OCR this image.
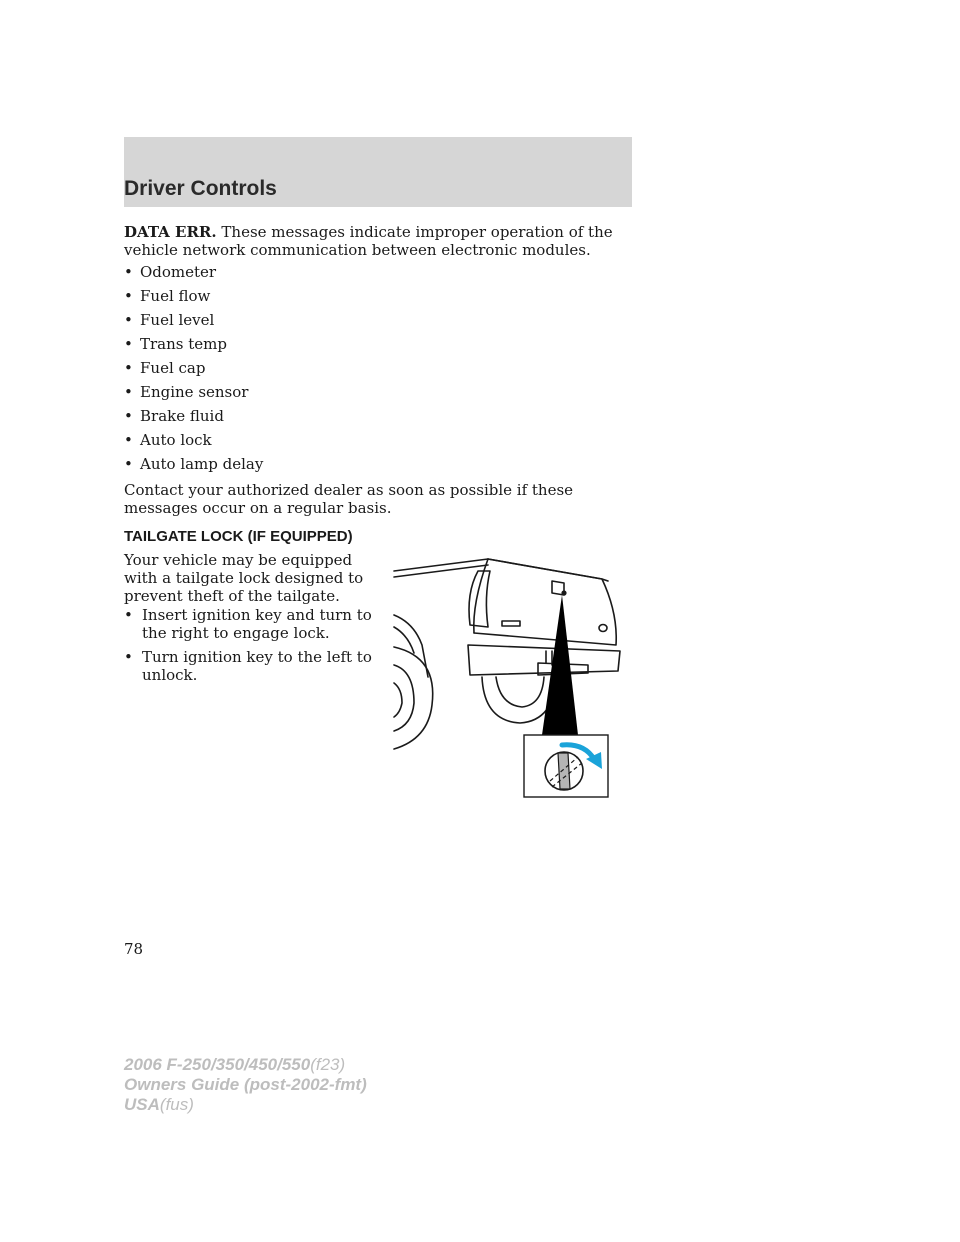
Driver Controls
DATA ERR. These messages indicate improper operation of the vehicle network communication between electronic modules.
• Odometer
• Fuel flow
• Fuel level
• Trans temp
• Fuel cap
• Engine sensor
• Brake fluid
• Auto lock
• Auto lamp delay
Contact your authorized dealer as soon as possible if these messages occur on a regular basis.
TAILGATE LOCK (IF EQUIPPED)
Your vehicle may be equipped with a tailgate lock designed to prevent theft of the tailgate.
• Insert ignition key and turn to the right to engage lock.
• Turn ignition key to the left to unlock.
78
2006 F-250/350/450/550(f23)
Owners Guide (post-2002-fmt)
USA(fus)
